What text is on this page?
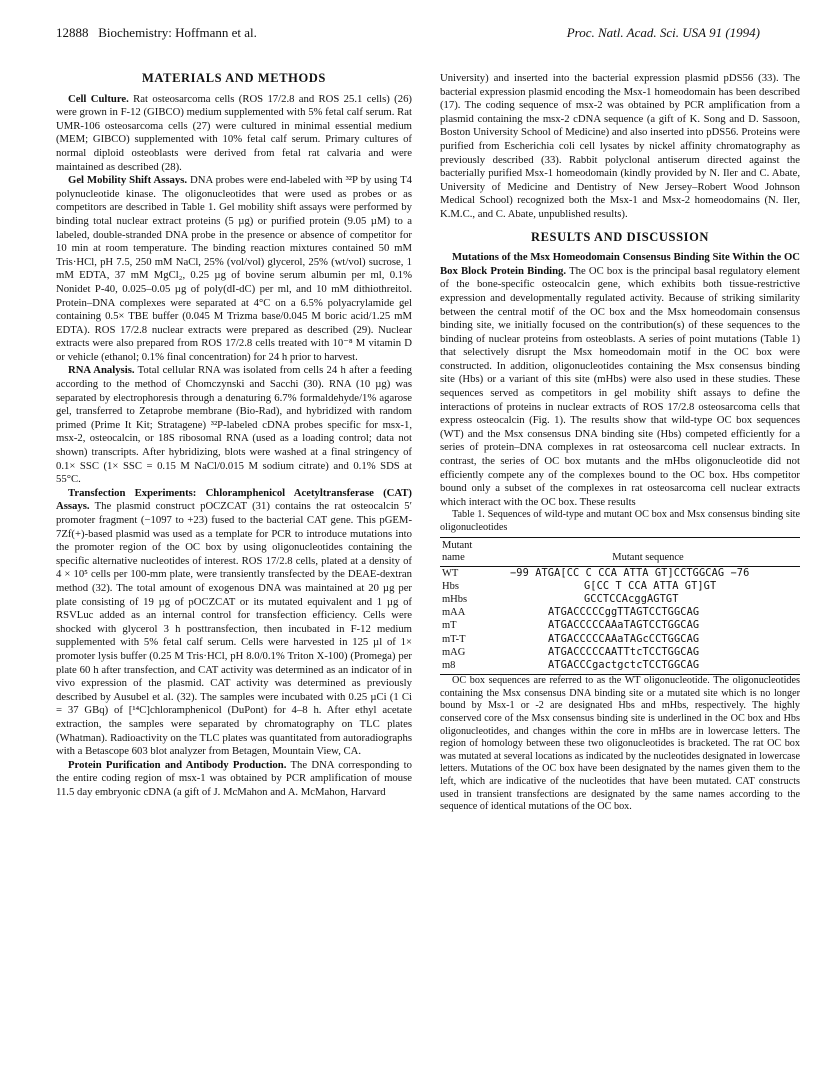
12888 Biochemistry: Hoffmann et al.	Proc. Natl. Acad. Sci. USA 91 (1994)
MATERIALS AND METHODS

Cell Culture. Rat osteosarcoma cells (ROS 17/2.8 and ROS 25.1 cells) (26) were grown in F-12 (GIBCO) medium supplemented with 5% fetal calf serum. Rat UMR-106 osteosarcoma cells (27) were cultured in minimal essential medium (MEM; GIBCO) supplemented with 10% fetal calf serum. Primary cultures of normal diploid osteoblasts were derived from fetal rat calvaria and were maintained as described (28).

Gel Mobility Shift Assays. DNA probes were end-labeled with ³²P by using T4 polynucleotide kinase. The oligonucleotides that were used as probes or as competitors are described in Table 1. Gel mobility shift assays were performed by binding total nuclear extract proteins (5 µg) or purified protein (9.05 µM) to a labeled, double-stranded DNA probe in the presence or absence of competitor for 10 min at room temperature. The binding reaction mixtures contained 50 mM Tris·HCl, pH 7.5, 250 mM NaCl, 25% (vol/vol) glycerol, 25% (wt/vol) sucrose, 1 mM EDTA, 37 mM MgCl₂, 0.25 µg of bovine serum albumin per ml, 0.1% Nonidet P-40, 0.025–0.05 µg of poly(dI-dC) per ml, and 10 mM dithiothreitol. Protein–DNA complexes were separated at 4°C on a 6.5% polyacrylamide gel containing 0.5× TBE buffer (0.045 M Trizma base/0.045 M boric acid/1.25 mM EDTA). ROS 17/2.8 nuclear extracts were prepared as described (29). Nuclear extracts were also prepared from ROS 17/2.8 cells treated with 10⁻⁸ M vitamin D or vehicle (ethanol; 0.1% final concentration) for 24 h prior to harvest.

RNA Analysis. Total cellular RNA was isolated from cells 24 h after a feeding according to the method of Chomczynski and Sacchi (30). RNA (10 µg) was separated by electrophoresis through a denaturing 6.7% formaldehyde/1% agarose gel, transferred to Zetaprobe membrane (Bio-Rad), and hybridized with random primed (Prime It Kit; Stratagene) ³²P-labeled cDNA probes specific for msx-1, msx-2, osteocalcin, or 18S ribosomal RNA (used as a loading control; data not shown) transcripts. After hybridizing, blots were washed at a final stringency of 0.1× SSC (1× SSC = 0.15 M NaCl/0.015 M sodium citrate) and 0.1% SDS at 55°C.

Transfection Experiments: Chloramphenicol Acetyltransferase (CAT) Assays. The plasmid construct pOCZCAT (31) contains the rat osteocalcin 5′ promoter fragment (−1097 to +23) fused to the bacterial CAT gene. This pGEM-7Zf(+)-based plasmid was used as a template for PCR to introduce mutations into the promoter region of the OC box by using oligonucleotides containing the specific alternative nucleotides of interest. ROS 17/2.8 cells, plated at a density of 4 × 10⁵ cells per 100-mm plate, were transiently transfected by the DEAE-dextran method (32). The total amount of exogenous DNA was maintained at 20 µg per plate consisting of 19 µg of pOCZCAT or its mutated equivalent and 1 µg of RSVLuc added as an internal control for transfection efficiency. Cells were shocked with glycerol 3 h posttransfection, then incubated in F-12 medium supplemented with 5% fetal calf serum. Cells were harvested in 125 µl of 1× promoter lysis buffer (0.25 M Tris·HCl, pH 8.0/0.1% Triton X-100) (Promega) per plate 60 h after transfection, and CAT activity was determined as an indicator of in vivo expression of the plasmid. CAT activity was determined as previously described by Ausubel et al. (32). The samples were incubated with 0.25 µCi (1 Ci = 37 GBq) of [¹⁴C]chloramphenicol (DuPont) for 4–8 h. After ethyl acetate extraction, the samples were separated by chromatography on TLC plates (Whatman). Radioactivity on the TLC plates was quantitated from autoradiographs with a Betascope 603 blot analyzer from Betagen, Mountain View, CA.

Protein Purification and Antibody Production. The DNA corresponding to the entire coding region of msx-1 was obtained by PCR amplification of mouse 11.5 day embryonic cDNA (a gift of J. McMahon and A. McMahon, Harvard

University) and inserted into the bacterial expression plasmid pDS56 (33). The bacterial expression plasmid encoding the Msx-1 homeodomain has been described (17). The coding sequence of msx-2 was obtained by PCR amplification from a plasmid containing the msx-2 cDNA sequence (a gift of K. Song and D. Sassoon, Boston University School of Medicine) and also inserted into pDS56. Proteins were purified from Escherichia coli cell lysates by nickel affinity chromatography as previously described (33). Rabbit polyclonal antiserum directed against the bacterially purified Msx-1 homeodomain (kindly provided by N. Iler and C. Abate, University of Medicine and Dentistry of New Jersey–Robert Wood Johnson Medical School) recognized both the Msx-1 and Msx-2 homeodomains (N. Iler, K.M.C., and C. Abate, unpublished results).

RESULTS AND DISCUSSION

Mutations of the Msx Homeodomain Consensus Binding Site Within the OC Box Block Protein Binding. The OC box is the principal basal regulatory element of the bone-specific osteocalcin gene, which exhibits both tissue-restrictive expression and developmentally regulated activity. Because of striking similarity between the central motif of the OC box and the Msx homeodomain consensus binding site, we initially focused on the contribution(s) of these sequences to the binding of nuclear proteins from osteoblasts. A series of point mutations (Table 1) that selectively disrupt the Msx homeodomain motif in the OC box were constructed. In addition, oligonucleotides containing the Msx consensus binding site (Hbs) or a variant of this site (mHbs) were also used in these studies. These sequences served as competitors in gel mobility shift assays to define the interactions of proteins in nuclear extracts of ROS 17/2.8 osteosarcoma cells that express osteocalcin (Fig. 1). The results show that wild-type OC box sequences (WT) and the Msx consensus DNA binding site (Hbs) competed efficiently for a series of protein–DNA complexes in rat osteosarcoma cell nuclear extracts. In contrast, the series of OC box mutants and the mHbs oligonucleotide did not efficiently compete any of the complexes bound to the OC box. Hbs competitor bound only a subset of the complexes in rat osteosarcoma cell nuclear extracts which interact with the OC box. These results

Table 1. Sequences of wild-type and mutant OC box and Msx consensus binding site oligonucleotides

Mutant name	Mutant sequence
WT	−99 ATGA[CC C CCA ATTA GT]CCTGGCAG −76
Hbs	G[CC T CCA ATTA GT]GT
mHbs	GCCTCCAcggAGTGT
mAA	ATGACCCCCggTTAGTCCTGGCAG
mT	ATGACCCCCAAaTAGTCCTGGCAG
mT-T	ATGACCCCCAAaTAGcCCTGGCAG
mAG	ATGACCCCCAATTtcTCCTGGCAG
m8	ATGACCCgactgctcTCCTGGCAG

OC box sequences are referred to as the WT oligonucleotide. The oligonucleotides containing the Msx consensus DNA binding site or a mutated site which is no longer bound by Msx-1 or -2 are designated Hbs and mHbs, respectively. The highly conserved core of the Msx consensus binding site is underlined in the OC box and Hbs oligonucleotides, and changes within the core in mHbs are in lowercase letters. The region of homology between these two oligonucleotides is bracketed. The rat OC box was mutated at several locations as indicated by the nucleotides designated in lowercase letters. Mutations of the OC box have been designated by the names given them to the left, which are indicative of the nucleotides that have been mutated. CAT constructs used in transient transfections are designated by the same names according to the sequence of identical mutations of the OC box.
